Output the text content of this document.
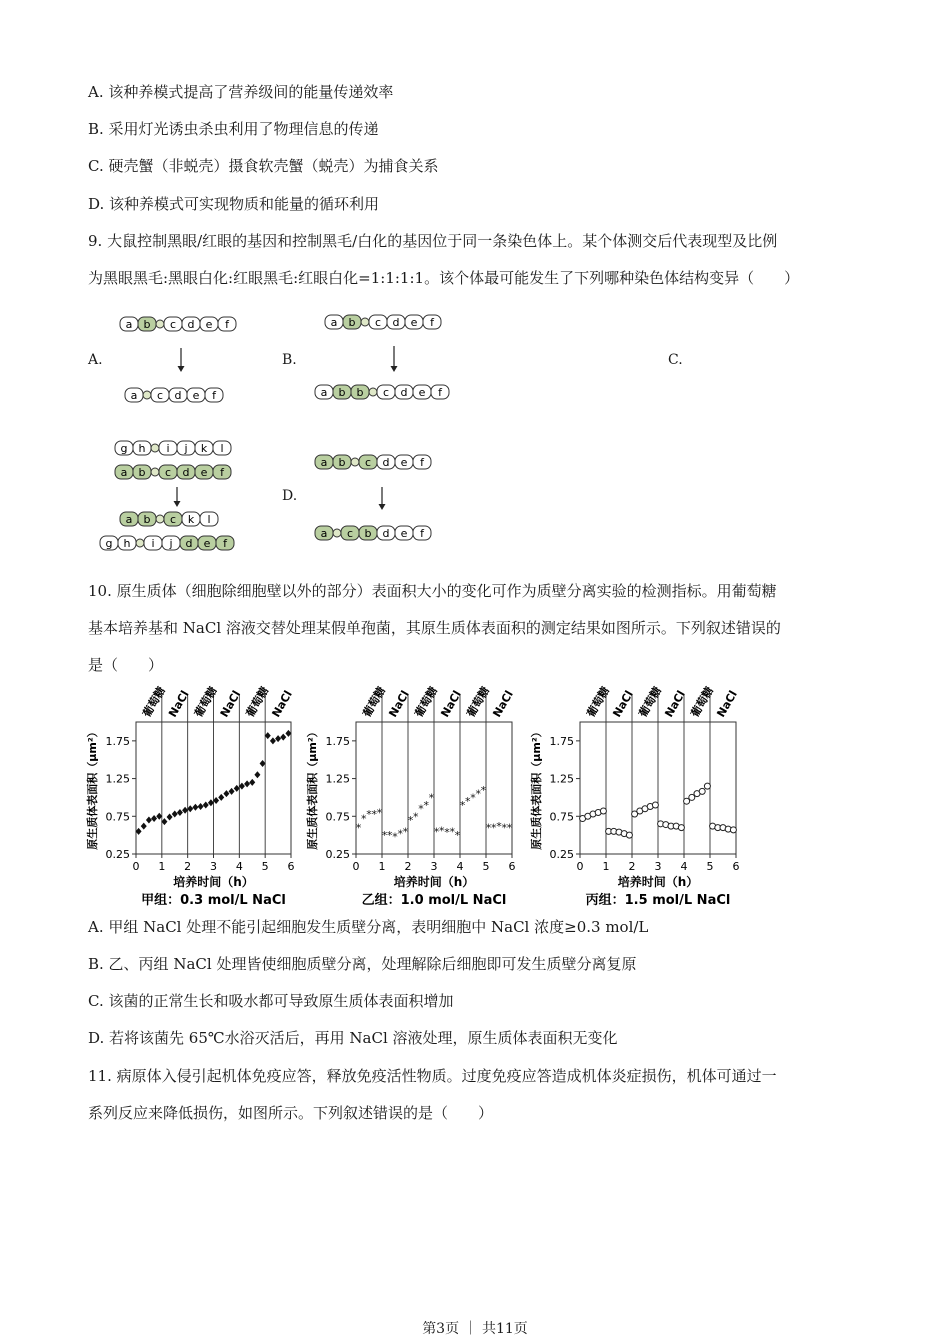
A. 该种养模式提高了营养级间的能量传递效率
B. 采用灯光诱虫杀虫利用了物理信息的传递
C. 硬壳蟹（非蜕壳）摄食软壳蟹（蜕壳）为捕食关系
D. 该种养模式可实现物质和能量的循环利用
9. 大鼠控制黑眼/红眼的基因和控制黑毛/白化的基因位于同一条染色体上。某个体测交后代表现型及比例
为黑眼黑毛:黑眼白化:红眼黑毛:红眼白化=1:1:1:1。该个体最可能发生了下列哪种染色体结构变异（　　）
A.	B.	C.
D.
a b c d e f
a c d e f
a b c d e f
a b b c d e f
g h i j k l
a b c d e f
a b c k l
g h i j d e f
a b c d e f
a c b d e f
10. 原生质体（细胞除细胞壁以外的部分）表面积大小的变化可作为质壁分离实验的检测指标。用葡萄糖
基本培养基和 NaCl 溶液交替处理某假单孢菌，其原生质体表面积的测定结果如图所示。下列叙述错误的
是（　　）
葡萄糖
NaCl 葡萄糖
NaCl 葡萄糖
NaCl
0.25
0.75
1.25
1.75
0 1 2 3 4 5 6
原生质体表面积（μm²）
培养时间（h）
甲组：0.3 mol/L NaCl
葡萄糖
NaCl 葡萄糖
NaCl 葡萄糖
NaCl
0.25
0.75
1.25
1.75
0 1 2 3 4 5 6
原生质体表面积（μm²）
培养时间（h）
乙组：1.0 mol/L NaCl
*
* * * *
* * * * *
* *
* *
*
* * * * *
* * * * *
* * * * *
葡萄糖
NaCl 葡萄糖
NaCl 葡萄糖
NaCl
0.25
0.75
1.25
1.75
0 1 2 3 4 5 6
原生质体表面积（μm²）
培养时间（h）
丙组：1.5 mol/L NaCl
A. 甲组 NaCl 处理不能引起细胞发生质壁分离，表明细胞中 NaCl 浓度≥0.3 mol/L
B. 乙、丙组 NaCl 处理皆使细胞质壁分离，处理解除后细胞即可发生质壁分离复原
C. 该菌的正常生长和吸水都可导致原生质体表面积增加
D. 若将该菌先 65℃水浴灭活后，再用 NaCl 溶液处理，原生质体表面积无变化
11. 病原体入侵引起机体免疫应答，释放免疫活性物质。过度免疫应答造成机体炎症损伤，机体可通过一
系列反应来降低损伤，如图所示。下列叙述错误的是（　　）
第3页 ｜ 共11页
